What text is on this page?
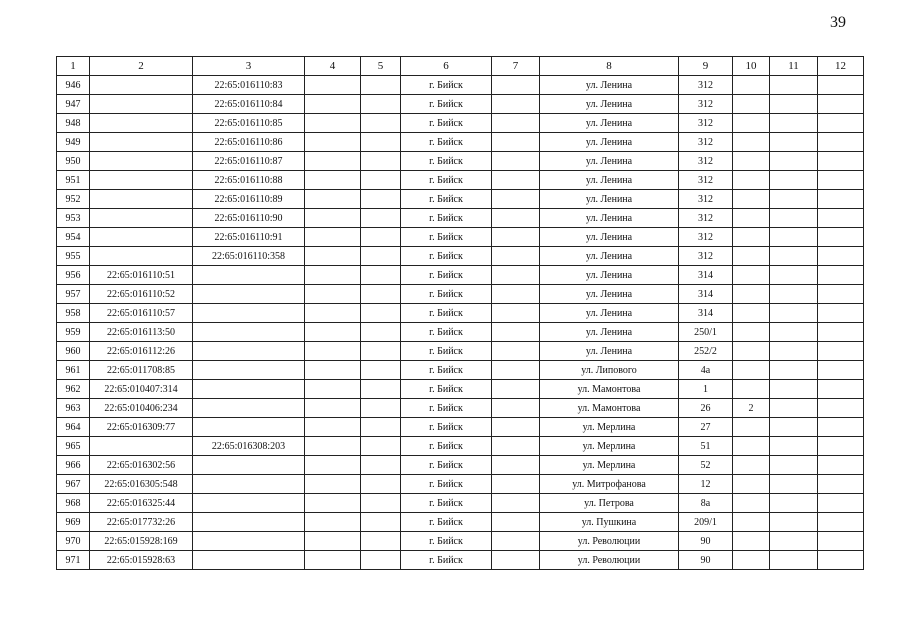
39
1	2	3	4	5	6	7	8	9	10	11	12
946		22:65:016110:83			г. Бийск		ул. Ленина	312			
947		22:65:016110:84			г. Бийск		ул. Ленина	312			
948		22:65:016110:85			г. Бийск		ул. Ленина	312			
949		22:65:016110:86			г. Бийск		ул. Ленина	312			
950		22:65:016110:87			г. Бийск		ул. Ленина	312			
951		22:65:016110:88			г. Бийск		ул. Ленина	312			
952		22:65:016110:89			г. Бийск		ул. Ленина	312			
953		22:65:016110:90			г. Бийск		ул. Ленина	312			
954		22:65:016110:91			г. Бийск		ул. Ленина	312			
955		22:65:016110:358			г. Бийск		ул. Ленина	312			
956	22:65:016110:51				г. Бийск		ул. Ленина	314			
957	22:65:016110:52				г. Бийск		ул. Ленина	314			
958	22:65:016110:57				г. Бийск		ул. Ленина	314			
959	22:65:016113:50				г. Бийск		ул. Ленина	250/1			
960	22:65:016112:26				г. Бийск		ул. Ленина	252/2			
961	22:65:011708:85				г. Бийск		ул. Липового	4а			
962	22:65:010407:314				г. Бийск		ул. Мамонтова	1			
963	22:65:010406:234				г. Бийск		ул. Мамонтова	26	2		
964	22:65:016309:77				г. Бийск		ул. Мерлина	27			
965		22:65:016308:203			г. Бийск		ул. Мерлина	51			
966	22:65:016302:56				г. Бийск		ул. Мерлина	52			
967	22:65:016305:548				г. Бийск		ул. Митрофанова	12			
968	22:65:016325:44				г. Бийск		ул. Петрова	8а			
969	22:65:017732:26				г. Бийск		ул. Пушкина	209/1			
970	22:65:015928:169				г. Бийск		ул. Революции	90			
971	22:65:015928:63				г. Бийск		ул. Революции	90			
